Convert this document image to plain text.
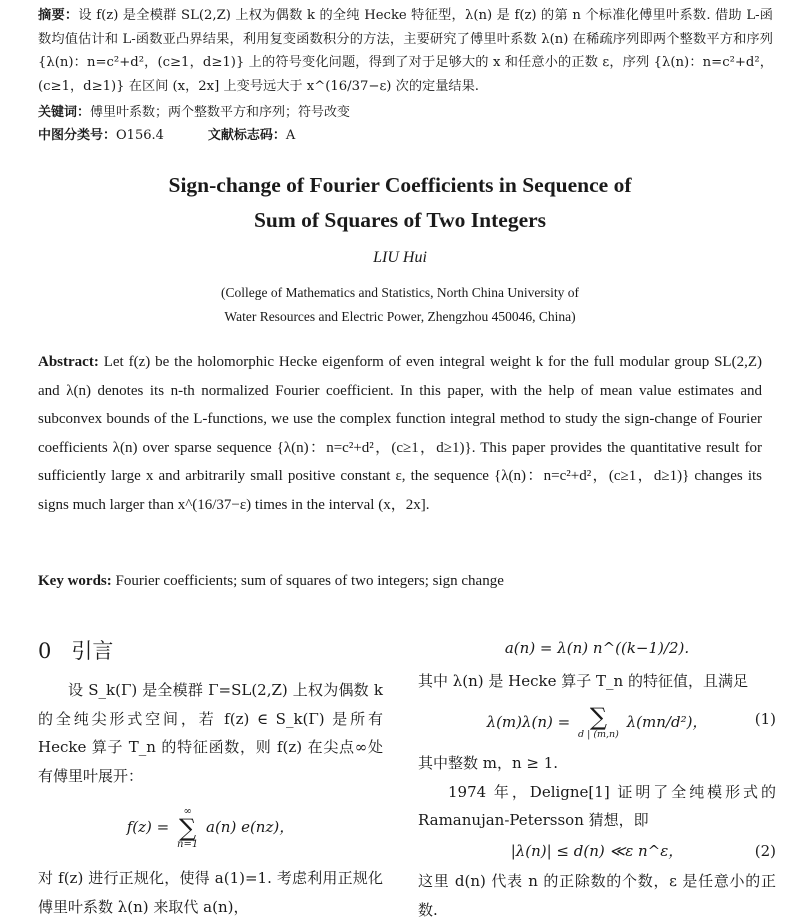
摘要：设 f(z) 是全模群 SL(2,Z) 上权为偶数 k 的全纯 Hecke 特征型，λ(n) 是 f(z) 的第 n 个标准化傅里叶系数. 借助 L-函数均值估计和 L-函数亚凸界结果，利用复变函数积分的方法，主要研究了傅里叶系数 λ(n) 在稀疏序列即两个整数平方和序列 {λ(n)：n=c²+d²，(c≥1，d≥1)} 上的符号变化问题，得到了对于足够大的 x 和任意小的正数 ε，序列 {λ(n)：n=c²+d²，(c≥1，d≥1)} 在区间 (x，2x] 上变号远大于 x^(16/37−ε) 次的定量结果.
关键词：傅里叶系数；两个整数平方和序列；符号改变
中图分类号：O156.4	文献标志码：A
Sign-change of Fourier Coefficients in Sequence of
Sum of Squares of Two Integers
LIU Hui
(College of Mathematics and Statistics, North China University of
Water Resources and Electric Power, Zhengzhou 450046, China)
Abstract: Let f(z) be the holomorphic Hecke eigenform of even integral weight k for the full modular group SL(2,Z) and λ(n) denotes its n-th normalized Fourier coefficient. In this paper, with the help of mean value estimates and subconvex bounds of the L-functions, we use the complex function integral method to study the sign-change of Fourier coefficients λ(n) over sparse sequence {λ(n)：n=c²+d²，(c≥1，d≥1)}. This paper provides the quantitative result for sufficiently large x and arbitrarily small positive constant ε, the sequence {λ(n)：n=c²+d²，(c≥1，d≥1)} changes its signs much larger than x^(16/37−ε) times in the interval (x，2x].
Key words: Fourier coefficients; sum of squares of two integers; sign change
0 引言
设 S_k(Γ) 是全模群 Γ=SL(2,Z) 上权为偶数 k 的全纯尖形式空间，若 f(z) ∈ S_k(Γ) 是所有 Hecke 算子 T_n 的特征函数，则 f(z) 在尖点∞处有傅里叶展开：
f(z) =
∞
∑
n=1
a(n) e(nz)，
对 f(z) 进行正规化，使得 a(1)=1. 考虑利用正规化傅里叶系数 λ(n) 来取代 a(n)，
a(n) = λ(n) n^((k−1)/2).
其中 λ(n) 是 Hecke 算子 T_n 的特征值，且满足
λ(m)λ(n) = ∑
d | (m,n)
λ(mn/d²)，	(1)
其中整数 m，n ≥ 1.
1974 年，Deligne[1] 证明了全纯模形式的 Ramanujan-Petersson 猜想，即
|λ(n)| ≤ d(n) ≪ε n^ε，	(2)
这里 d(n) 代表 n 的正除数的个数，ε 是任意小的正数.
